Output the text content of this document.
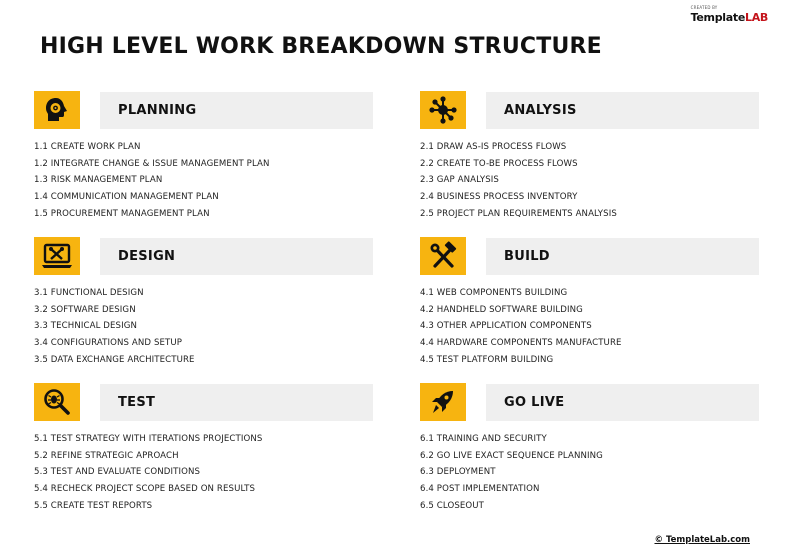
CREATED BY
TemplateLAB
HIGH LEVEL WORK BREAKDOWN STRUCTURE
PLANNING
1.1 CREATE WORK PLAN
1.2 INTEGRATE CHANGE & ISSUE MANAGEMENT PLAN
1.3 RISK MANAGEMENT PLAN
1.4 COMMUNICATION MANAGEMENT PLAN
1.5 PROCUREMENT MANAGEMENT PLAN
ANALYSIS
2.1 DRAW AS-IS PROCESS FLOWS
2.2 CREATE TO-BE PROCESS FLOWS
2.3 GAP ANALYSIS
2.4 BUSINESS PROCESS INVENTORY
2.5 PROJECT PLAN REQUIREMENTS ANALYSIS
DESIGN
3.1 FUNCTIONAL DESIGN
3.2 SOFTWARE DESIGN
3.3 TECHNICAL DESIGN
3.4 CONFIGURATIONS AND SETUP
3.5 DATA EXCHANGE ARCHITECTURE
BUILD
4.1 WEB COMPONENTS BUILDING
4.2 HANDHELD SOFTWARE BUILDING
4.3 OTHER APPLICATION COMPONENTS
4.4 HARDWARE COMPONENTS MANUFACTURE
4.5 TEST PLATFORM BUILDING
TEST
5.1 TEST STRATEGY WITH ITERATIONS PROJECTIONS
5.2 REFINE STRATEGIC APROACH
5.3 TEST AND EVALUATE CONDITIONS
5.4 RECHECK PROJECT SCOPE BASED ON RESULTS
5.5 CREATE TEST REPORTS
GO LIVE
6.1 TRAINING AND SECURITY
6.2 GO LIVE EXACT SEQUENCE PLANNING
6.3 DEPLOYMENT
6.4 POST IMPLEMENTATION
6.5 CLOSEOUT
© TemplateLab.com
